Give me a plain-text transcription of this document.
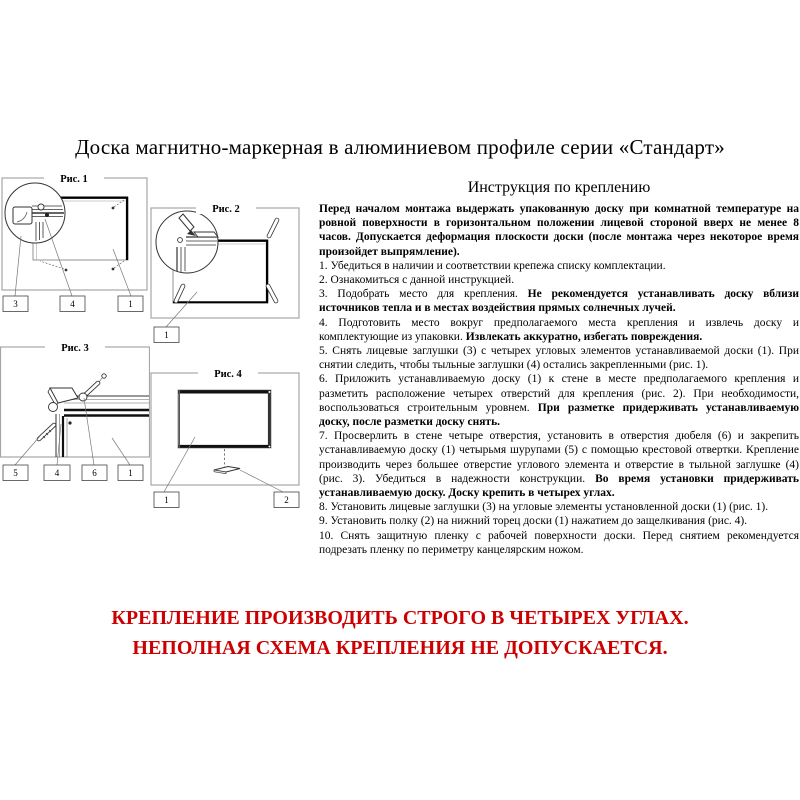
Доска магнитно-маркерная в алюминиевом профиле серии «Стандарт»
3	4	1
Рис. 1
1
Рис. 2
5	4	6	1
Рис. 3
1	2
Рис. 4
Инструкция по креплению

Перед началом монтажа выдержать упакованную доску при комнатной температуре на ровной поверхности в горизонтальном положении лицевой стороной вверх не менее 8 часов. Допускается деформация плоскости доски (после монтажа через некоторое время произойдет выпрямление).

1. Убедиться в наличии и соответствии крепежа списку комплектации.
2. Ознакомиться с данной инструкцией.
3. Подобрать место для крепления. Не рекомендуется устанавливать доску вблизи источников тепла и в местах воздействия прямых солнечных лучей.
4. Подготовить место вокруг предполагаемого места крепления и извлечь доску и комплектующие из упаковки. Извлекать аккуратно, избегать повреждения.
5. Снять лицевые заглушки (3) с четырех угловых элементов устанавливаемой доски (1). При снятии следить, чтобы тыльные заглушки (4) остались закрепленными (рис. 1).
6. Приложить устанавливаемую доску (1) к стене в месте предполагаемого крепления и разметить расположение четырех отверстий для крепления (рис. 2). При необходимости, воспользоваться строительным уровнем. При разметке придерживать устанавливаемую доску, после разметки доску снять.
7. Просверлить в стене четыре отверстия, установить в отверстия дюбеля (6) и закрепить устанавливаемую доску (1) четырьмя шурупами (5) с помощью крестовой отвертки. Крепление производить через большее отверстие углового элемента и отверстие в тыльной заглушке (4) (рис. 3). Убедиться в надежности конструкции. Во время установки придерживать устанавливаемую доску. Доску крепить в четырех углах.
8. Установить лицевые заглушки (3) на угловые элементы установленной доски (1) (рис. 1).
9. Установить полку (2) на нижний торец доски (1) нажатием до защелкивания (рис. 4).
10. Снять защитную пленку с рабочей поверхности доски. Перед снятием рекомендуется подрезать пленку по периметру канцелярским ножом.
КРЕПЛЕНИЕ ПРОИЗВОДИТЬ СТРОГО В ЧЕТЫРЕХ УГЛАХ.
НЕПОЛНАЯ СХЕМА КРЕПЛЕНИЯ НЕ ДОПУСКАЕТСЯ.
